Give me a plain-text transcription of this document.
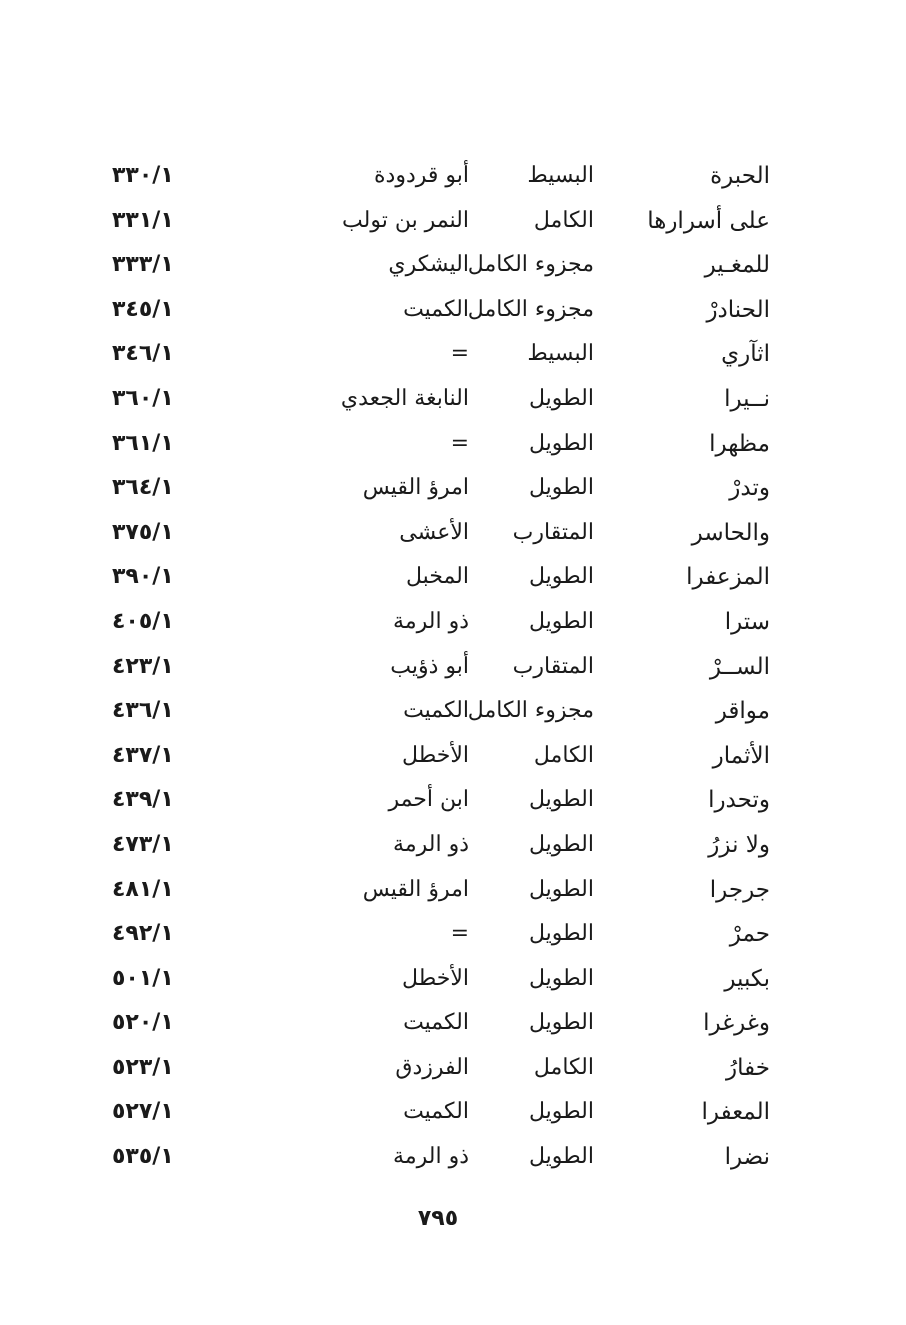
الحبرة
البسيط
أبو قردودة
٣٣٠/١
على أسرارها
الكامل
النمر بن تولب
٣٣١/١
للمغـير
مجزوء الكامل
اليشكري
٣٣٣/١
الحنادرْ
مجزوء الكامل
الكميت
٣٤٥/١
اثآري
البسيط
=
٣٤٦/١
نــيرا
الطويل
النابغة الجعدي
٣٦٠/١
مظهرا
الطويل
=
٣٦١/١
وتدرْ
الطويل
امرؤ القيس
٣٦٤/١
والحاسر
المتقارب
الأعشى
٣٧٥/١
المزعفرا
الطويل
المخبل
٣٩٠/١
سترا
الطويل
ذو الرمة
٤٠٥/١
الســرْ
المتقارب
أبو ذؤيب
٤٢٣/١
مواقر
مجزوء الكامل
الكميت
٤٣٦/١
الأثمار
الكامل
الأخطل
٤٣٧/١
وتحدرا
الطويل
ابن أحمر
٤٣٩/١
ولا نزرُ
الطويل
ذو الرمة
٤٧٣/١
جرجرا
الطويل
امرؤ القيس
٤٨١/١
حمرْ
الطويل
=
٤٩٢/١
بكبير
الطويل
الأخطل
٥٠١/١
وغرغرا
الطويل
الكميت
٥٢٠/١
خفارُ
الكامل
الفرزدق
٥٢٣/١
المعفرا
الطويل
الكميت
٥٢٧/١
نضرا
الطويل
ذو الرمة
٥٣٥/١
٧٩٥
